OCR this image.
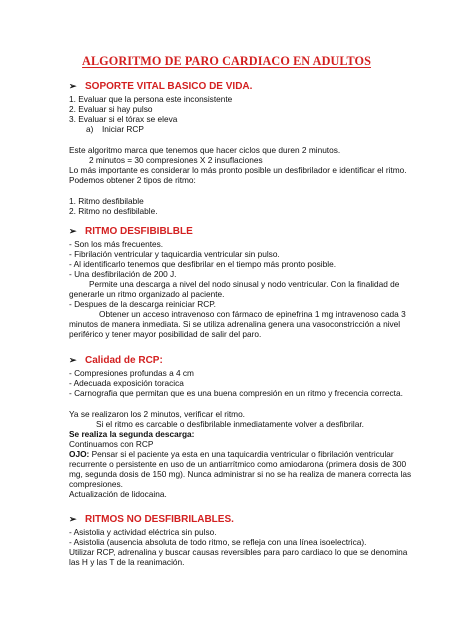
ALGORITMO DE PARO CARDIACO EN ADULTOS
➢ SOPORTE VITAL BASICO DE VIDA.
1. Evaluar que la persona este inconsistente
2. Evaluar si hay pulso
3. Evaluar si el tórax se eleva
a) Iniciar RCP
Este algoritmo marca que tenemos que hacer ciclos que duren 2 minutos.
2 minutos = 30 compresiones X 2 insuflaciones
Lo más importante es considerar lo más pronto posible un desfibrilador e identificar el ritmo.
Podemos obtener 2 tipos de ritmo:
1. Ritmo desfibilable
2. Ritmo no desfibilable.
➢ RITMO DESFIBIBLBLE
- Son los más frecuentes.
- Fibrilación ventricular y taquicardia ventricular sin pulso.
- Al identificarlo tenemos que desfibrilar en el tiempo más pronto posible.
- Una desfibrilación de 200 J.
Permite una descarga a nivel del nodo sinusal y nodo ventricular. Con la finalidad de
generarle un ritmo organizado al paciente.
- Despues de la descarga reiniciar RCP.
Obtener un acceso intravenoso con fármaco de epinefrina 1 mg intravenoso cada 3
minutos de manera inmediata. Si se utiliza adrenalina genera una vasoconstricción a nivel
periférico y tener mayor posibilidad de salir del paro.
➢ Calidad de RCP:
- Compresiones profundas a 4 cm
- Adecuada exposición toracica
- Carnografia que permitan que es una buena compresión en un ritmo y frecencia correcta.
Ya se realizaron los 2 minutos, verificar el ritmo.
Si el ritmo es carcable o desfibrilable inmediatamente volver a desfibrilar.
Se realiza la segunda descarga:
Continuamos con RCP
OJO: Pensar si el paciente ya esta en una taquicardia ventricular o fibrilación ventricular
recurrente o persistente en uso de un antiarrítmico como amiodarona (primera dosis de 300
mg, segunda dosis de 150 mg). Nunca administrar si no se ha realiza de manera correcta las
compresiones.
Actualización de lidocaina.
➢ RITMOS NO DESFIBRILABLES.
- Asistolia y actividad eléctrica sin pulso.
- Asistolia (ausencia absoluta de todo ritmo, se refleja con una línea isoelectrica).
Utilizar RCP, adrenalina y buscar causas reversibles para paro cardiaco lo que se denomina
las H y las T de la reanimación.
